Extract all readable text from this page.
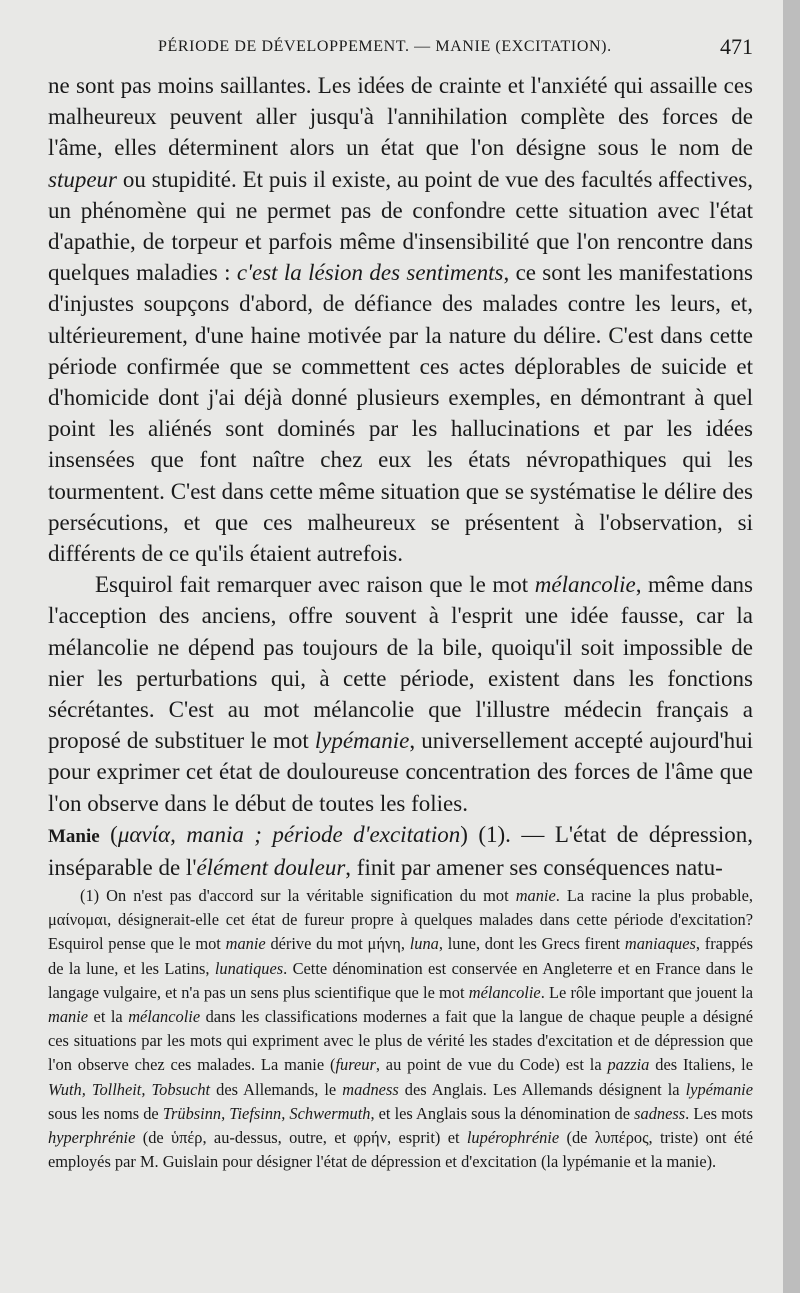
PÉRIODE DE DÉVELOPPEMENT. — MANIE (EXCITATION).	471

ne sont pas moins saillantes. Les idées de crainte et l'anxiété qui assaille ces malheureux peuvent aller jusqu'à l'annihilation complète des forces de l'âme, elles déterminent alors un état que l'on désigne sous le nom de stupeur ou stupidité. Et puis il existe, au point de vue des facultés affectives, un phénomène qui ne permet pas de confondre cette situation avec l'état d'apathie, de torpeur et parfois même d'insensibilité que l'on rencontre dans quelques maladies : c'est la lésion des sentiments, ce sont les manifestations d'injustes soupçons d'abord, de défiance des malades contre les leurs, et, ultérieurement, d'une haine motivée par la nature du délire. C'est dans cette période confirmée que se commettent ces actes déplorables de suicide et d'homicide dont j'ai déjà donné plusieurs exemples, en démontrant à quel point les aliénés sont dominés par les hallucinations et par les idées insensées que font naître chez eux les états névropathiques qui les tourmentent. C'est dans cette même situation que se systématise le délire des persécutions, et que ces malheureux se présentent à l'observation, si différents de ce qu'ils étaient autrefois.

Esquirol fait remarquer avec raison que le mot mélancolie, même dans l'acception des anciens, offre souvent à l'esprit une idée fausse, car la mélancolie ne dépend pas toujours de la bile, quoiqu'il soit impossible de nier les perturbations qui, à cette période, existent dans les fonctions sécrétantes. C'est au mot mélancolie que l'illustre médecin français a proposé de substituer le mot lypémanie, universellement accepté aujourd'hui pour exprimer cet état de douloureuse concentration des forces de l'âme que l'on observe dans le début de toutes les folies.

Manie (μανία, mania ; période d'excitation) (1). — L'état de dépression, inséparable de l'élément douleur, finit par amener ses conséquences natu-

(1) On n'est pas d'accord sur la véritable signification du mot manie. La racine la plus probable, μαίνομαι, désignerait-elle cet état de fureur propre à quelques malades dans cette période d'excitation? Esquirol pense que le mot manie dérive du mot μήνη, luna, lune, dont les Grecs firent maniaques, frappés de la lune, et les Latins, lunatiques. Cette dénomination est conservée en Angleterre et en France dans le langage vulgaire, et n'a pas un sens plus scientifique que le mot mélancolie. Le rôle important que jouent la manie et la mélancolie dans les classifications modernes a fait que la langue de chaque peuple a désigné ces situations par les mots qui expriment avec le plus de vérité les stades d'excitation et de dépression que l'on observe chez ces malades. La manie (fureur, au point de vue du Code) est la pazzia des Italiens, le Wuth, Tollheit, Tobsucht des Allemands, le madness des Anglais. Les Allemands désignent la lypémanie sous les noms de Trübsinn, Tiefsinn, Schwermuth, et les Anglais sous la dénomination de sadness. Les mots hyperphrénie (de ὑπέρ, au-dessus, outre, et φρήν, esprit) et lupérophrénie (de λυπέρος, triste) ont été employés par M. Guislain pour désigner l'état de dépression et d'excitation (la lypémanie et la manie).
